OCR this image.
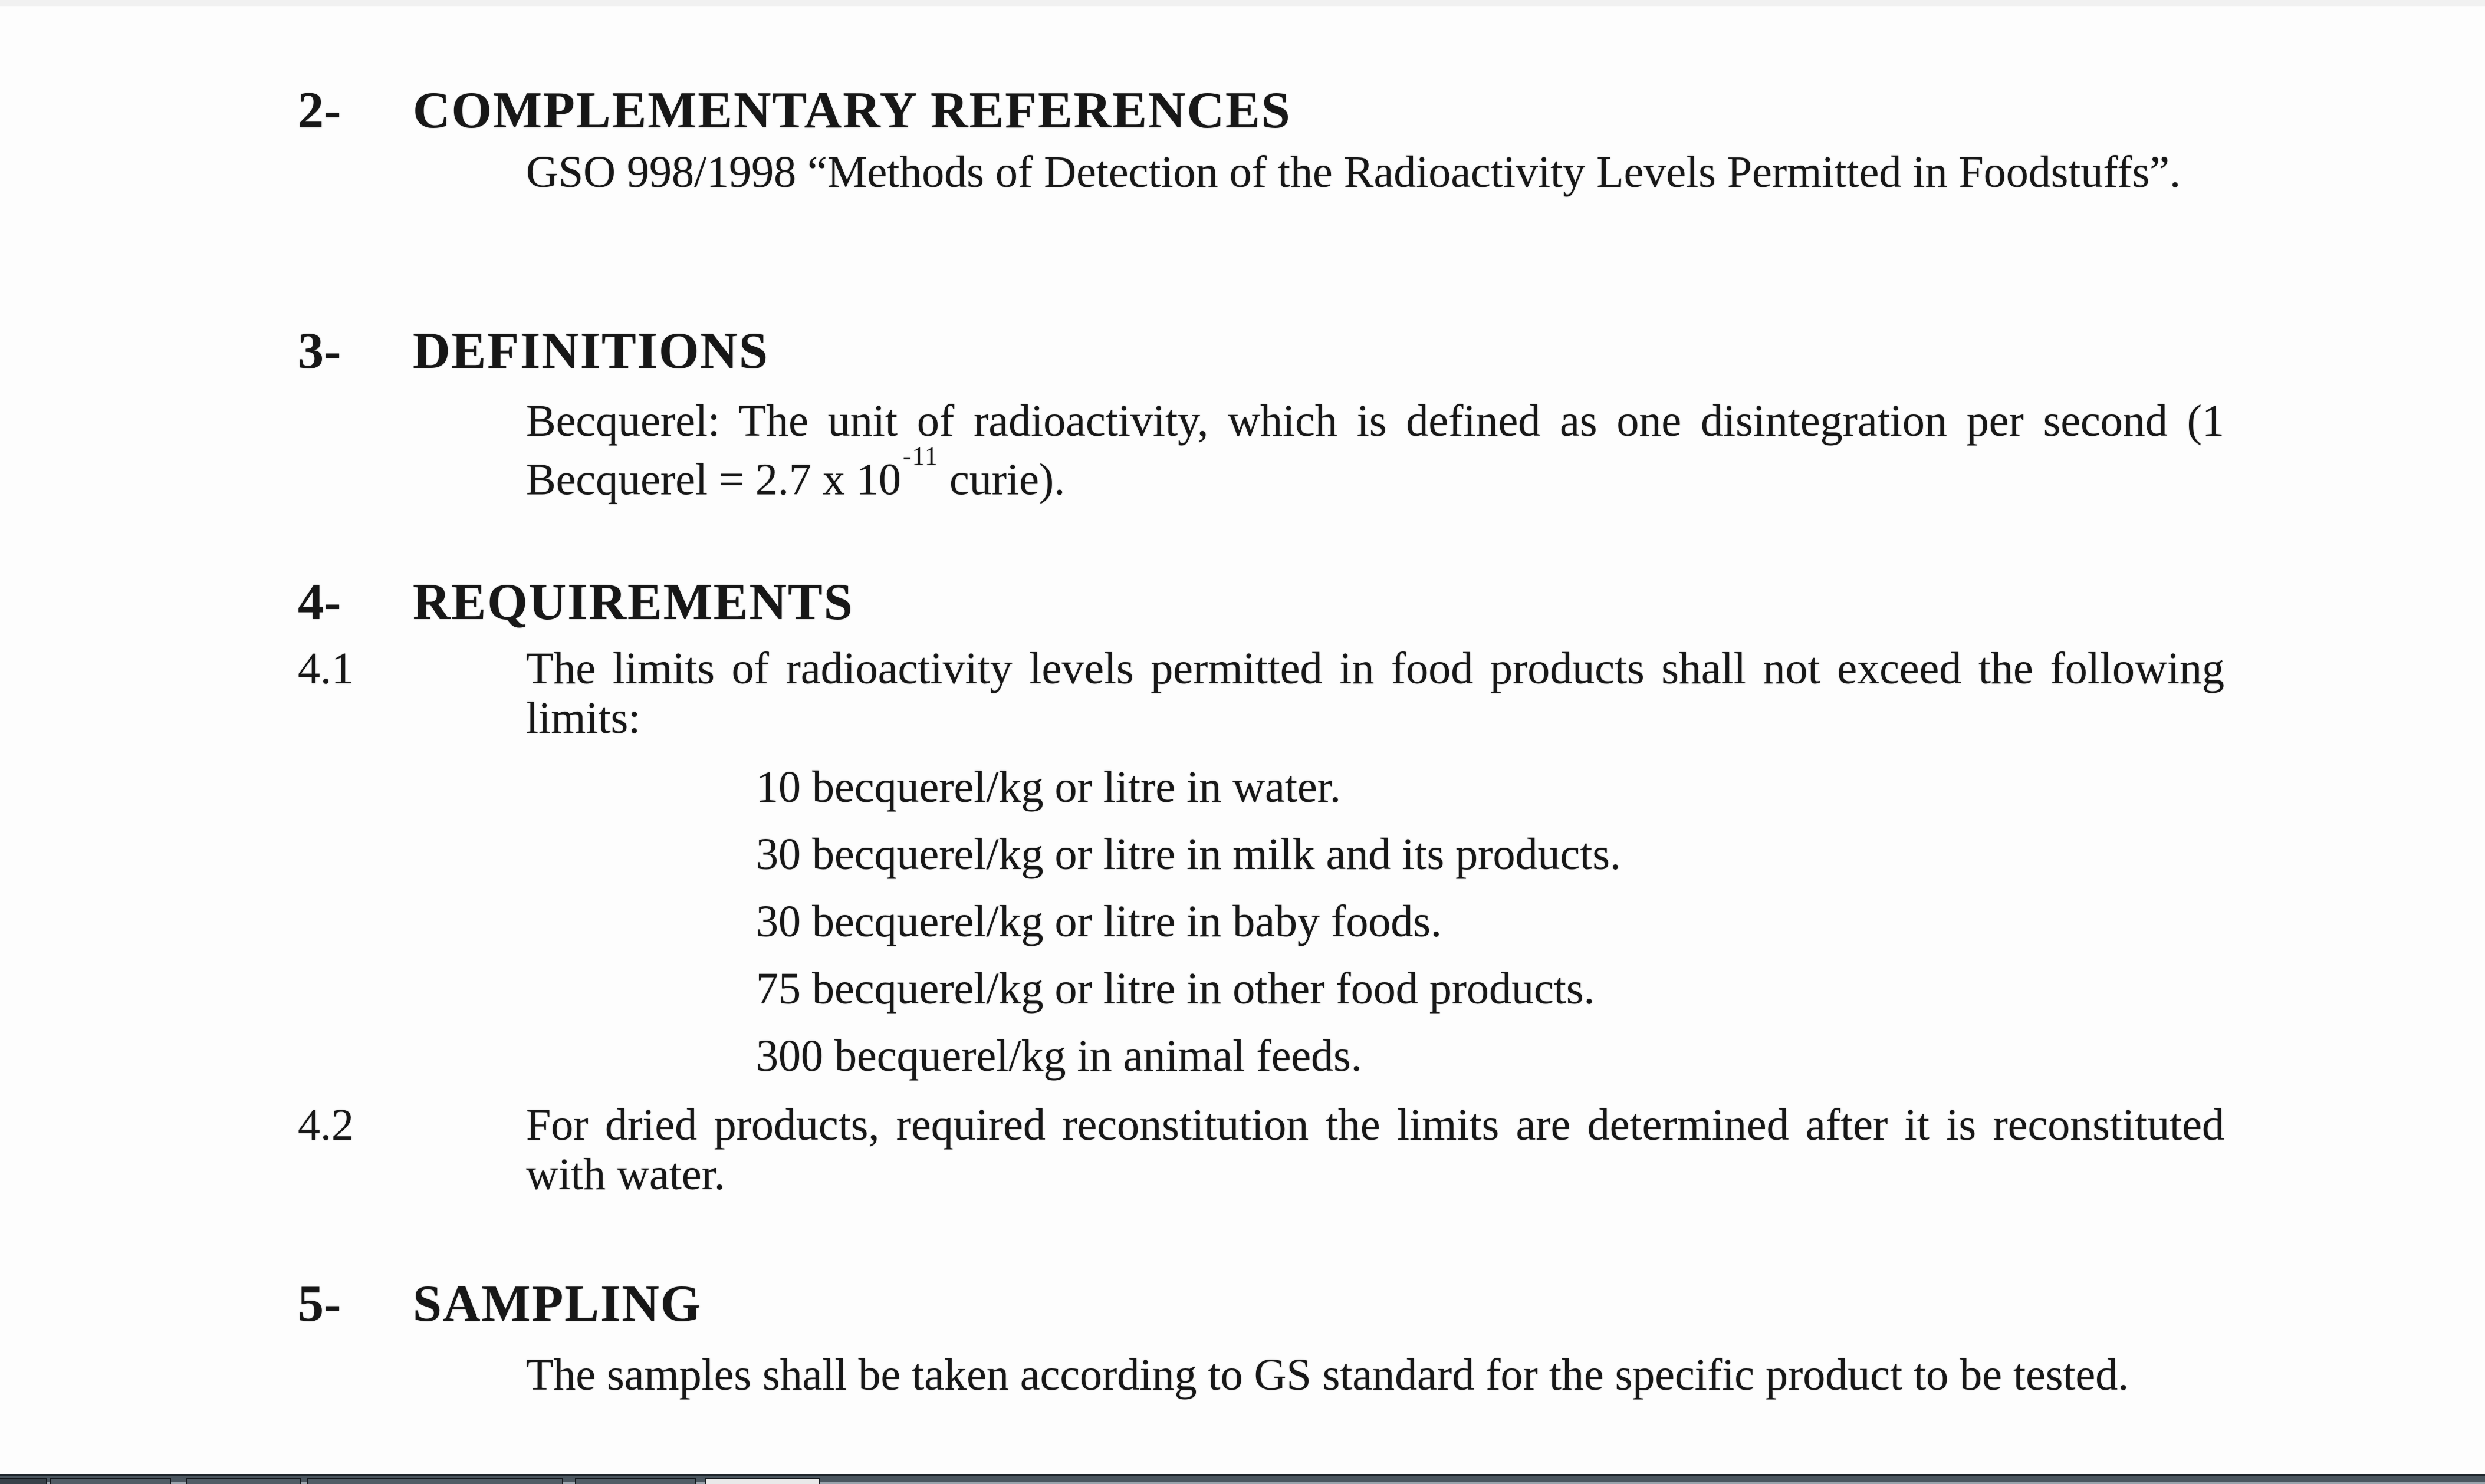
2-	COMPLEMENTARY REFERENCES

GSO 998/1998 “Methods of Detection of the Radioactivity Levels Permitted in Foodstuffs”.

3-	DEFINITIONS

Becquerel: The unit of radioactivity, which is defined as one disintegration per second (1 Becquerel = 2.7 x $10^{-11}$ curie).

4-	REQUIREMENTS
4.1	The limits of radioactivity levels permitted in food products shall not exceed the following limits:

10 becquerel/kg or litre in water.

30 becquerel/kg or litre in milk and its products.

30 becquerel/kg or litre in baby foods.

75 becquerel/kg or litre in other food products.

300 becquerel/kg in animal feeds.

4.2	For dried products, required reconstitution the limits are determined after it is reconstituted with water.

5-	SAMPLING

The samples shall be taken according to GS standard for the specific product to be tested.
